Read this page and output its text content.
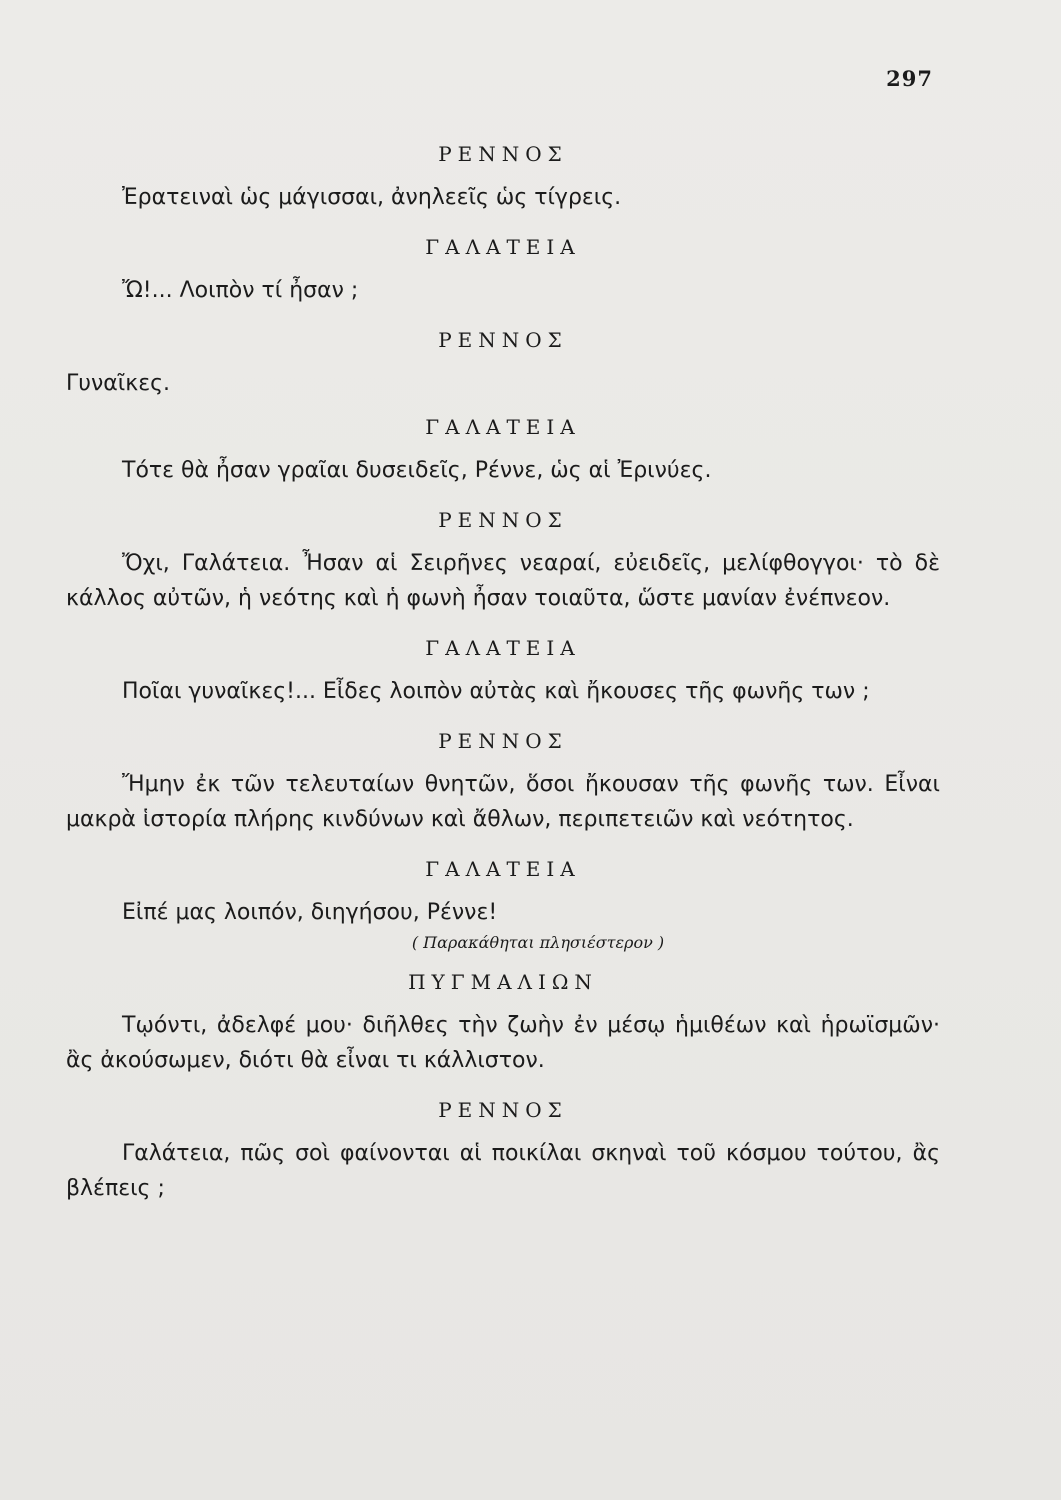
297

ΡΕΝΝΟΣ

Ἐρατειναὶ ὡς μάγισσαι, ἀνηλεεῖς ὡς τίγρεις.

ΓΑΛΑΤΕΙΑ

Ὤ!... Λοιπὸν τί ἦσαν ;

ΡΕΝΝΟΣ

Γυναῖκες.

ΓΑΛΑΤΕΙΑ

Τότε θὰ ἦσαν γραῖαι δυσειδεῖς, Ρέννε, ὡς αἱ Ἐρινύες.

ΡΕΝΝΟΣ

Ὄχι, Γαλάτεια. Ἦσαν αἱ Σειρῆνες νεαραί, εὐειδεῖς, μελίφθογγοι· τὸ δὲ κάλλος αὐτῶν, ἡ νεότης καὶ ἡ φωνὴ ἦσαν τοιαῦτα, ὥστε μανίαν ἐνέπνεον.

ΓΑΛΑΤΕΙΑ

Ποῖαι γυναῖκες!... Εἶδες λοιπὸν αὐτὰς καὶ ἤκουσες τῆς φωνῆς των ;

ΡΕΝΝΟΣ

Ἤμην ἐκ τῶν τελευταίων θνητῶν, ὅσοι ἤκουσαν τῆς φωνῆς των. Εἶναι μακρὰ ἱστορία πλήρης κινδύνων καὶ ἄθλων, περιπετειῶν καὶ νεότητος.

ΓΑΛΑΤΕΙΑ

Εἰπέ μας λοιπόν, διηγήσου, Ρέννε!

( Παρακάθηται πλησιέστερον )

ΠΥΓΜΑΛΙΩΝ

Τῳόντι, ἀδελφέ μου· διῆλθες τὴν ζωὴν ἐν μέσῳ ἡμιθέων καὶ ἡρωϊσμῶν· ἂς ἀκούσωμεν, διότι θὰ εἶναι τι κάλλιστον.

ΡΕΝΝΟΣ

Γαλάτεια, πῶς σοὶ φαίνονται αἱ ποικίλαι σκηναὶ τοῦ κόσμου τούτου, ἂς βλέπεις ;
